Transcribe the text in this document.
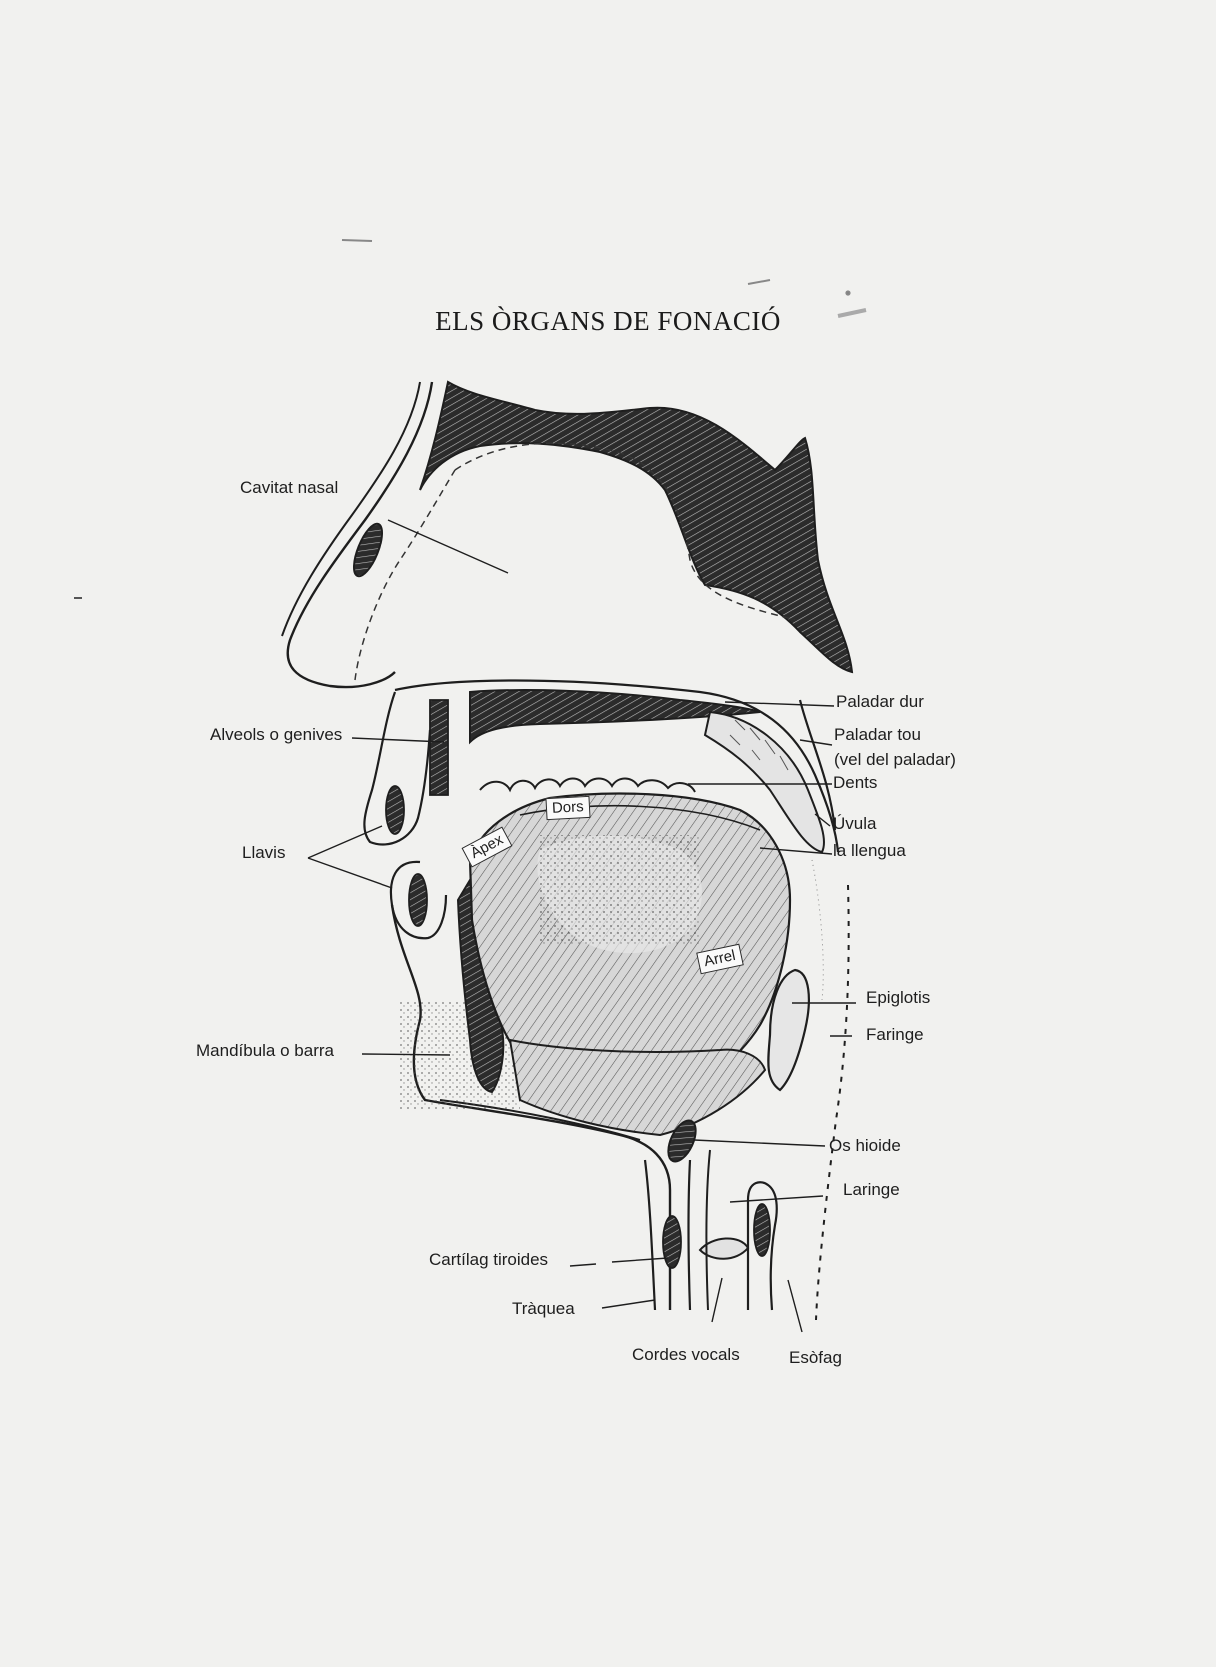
ELS ÒRGANS DE FONACIÓ
Paladar dur
Paladar tou
(vel del paladar)
Dents
Úvula
la llengua
Epiglotis
Faringe
Os hioide
Laringe
Cavitat nasal
Alveols o genives
Llavis
Mandíbula o barra
Cartílag tiroides
Tràquea
Cordes vocals	Esòfag
Dors
Àpex
Arrel
